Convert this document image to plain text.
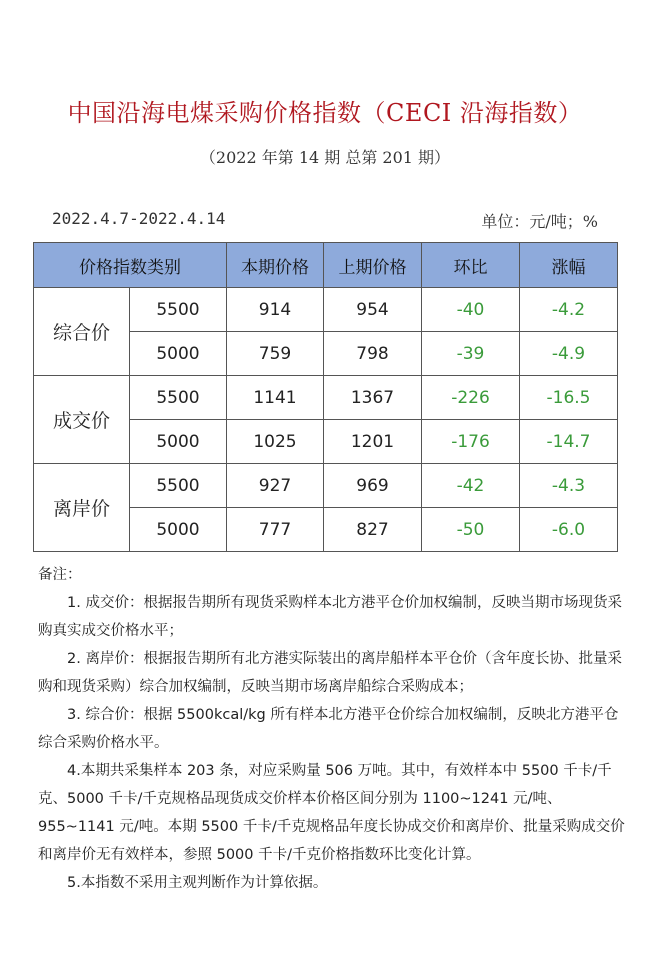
中国沿海电煤采购价格指数（CECI 沿海指数）
（2022 年第 14 期 总第 201 期）
2022.4.7-2022.4.14	单位：元/吨；%
价格指数类别		本期价格	上期价格	环比	涨幅
综合价	5500	914	954	-40	-4.2
	5000	759	798	-39	-4.9
成交价	5500	1141	1367	-226	-16.5
	5000	1025	1201	-176	-14.7
离岸价	5500	927	969	-42	-4.3
	5000	777	827	-50	-6.0

备注：

1. 成交价：根据报告期所有现货采购样本北方港平仓价加权编制，反映当期市场现货采购真实成交价格水平；

2. 离岸价：根据报告期所有北方港实际装出的离岸船样本平仓价（含年度长协、批量采购和现货采购）综合加权编制，反映当期市场离岸船综合采购成本；

3. 综合价：根据 5500kcal/kg 所有样本北方港平仓价综合加权编制，反映北方港平仓综合采购价格水平。

4.本期共采集样本 203 条，对应采购量 506 万吨。其中，有效样本中 5500 千卡/千克、5000 千卡/千克规格品现货成交价样本价格区间分别为 1100~1241 元/吨、955~1141 元/吨。本期 5500 千卡/千克规格品年度长协成交价和离岸价、批量采购成交价和离岸价无有效样本，参照 5000 千卡/千克价格指数环比变化计算。

5.本指数不采用主观判断作为计算依据。
